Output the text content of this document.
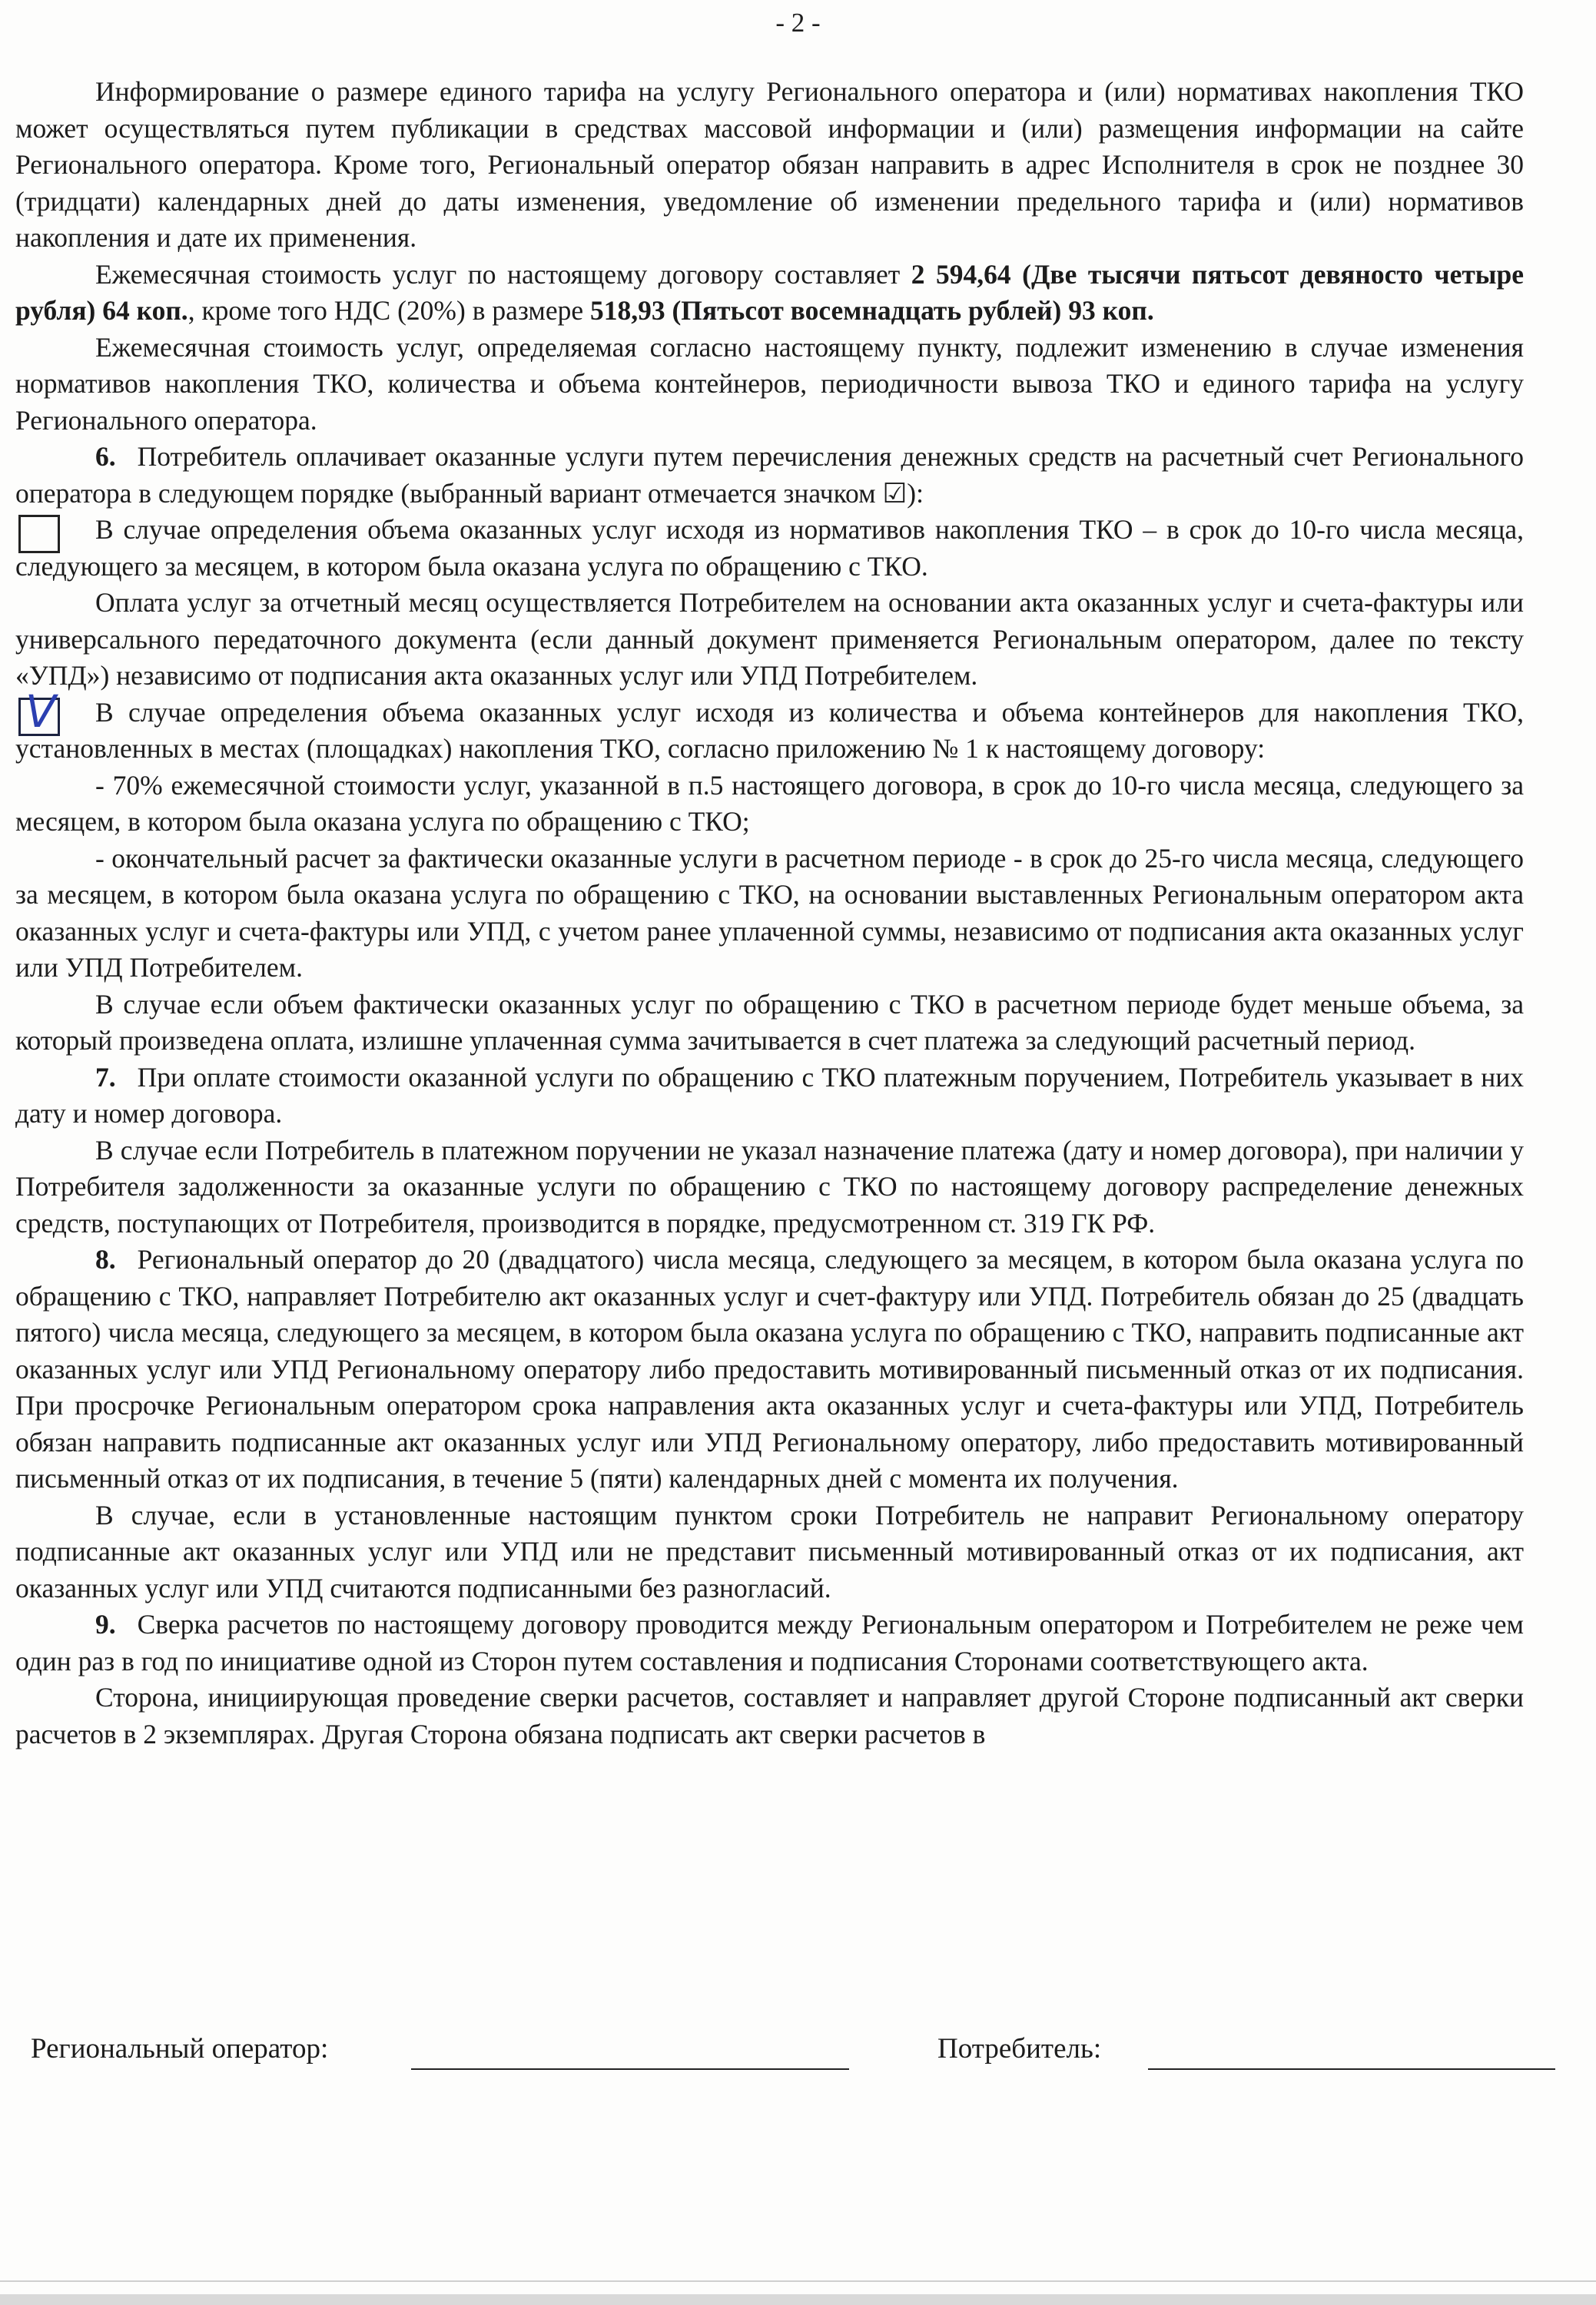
- 2 -

Информирование о размере единого тарифа на услугу Регионального оператора и (или) нормативах накопления ТКО может осуществляться путем публикации в средствах массовой информации и (или) размещения информации на сайте Регионального оператора. Кроме того, Региональный оператор обязан направить в адрес Исполнителя в срок не позднее 30 (тридцати) календарных дней до даты изменения, уведомление об изменении предельного тарифа и (или) нормативов накопления и дате их применения.

Ежемесячная стоимость услуг по настоящему договору составляет 2 594,64 (Две тысячи пятьсот девяносто четыре рубля) 64 коп., кроме того НДС (20%) в размере 518,93 (Пятьсот восемнадцать рублей) 93 коп.

Ежемесячная стоимость услуг, определяемая согласно настоящему пункту, подлежит изменению в случае изменения нормативов накопления ТКО, количества и объема контейнеров, периодичности вывоза ТКО и единого тарифа на услугу Регионального оператора.

6. Потребитель оплачивает оказанные услуги путем перечисления денежных средств на расчетный счет Регионального оператора в следующем порядке (выбранный вариант отмечается значком ☑):

В случае определения объема оказанных услуг исходя из нормативов накопления ТКО – в срок до 10-го числа месяца, следующего за месяцем, в котором была оказана услуга по обращению с ТКО.

Оплата услуг за отчетный месяц осуществляется Потребителем на основании акта оказанных услуг и счета-фактуры или универсального передаточного документа (если данный документ применяется Региональным оператором, далее по тексту «УПД») независимо от подписания акта оказанных услуг или УПД Потребителем.

V В случае определения объема оказанных услуг исходя из количества и объема контейнеров для накопления ТКО, установленных в местах (площадках) накопления ТКО, согласно приложению № 1 к настоящему договору:

- 70% ежемесячной стоимости услуг, указанной в п.5 настоящего договора, в срок до 10-го числа месяца, следующего за месяцем, в котором была оказана услуга по обращению с ТКО;

- окончательный расчет за фактически оказанные услуги в расчетном периоде - в срок до 25-го числа месяца, следующего за месяцем, в котором была оказана услуга по обращению с ТКО, на основании выставленных Региональным оператором акта оказанных услуг и счета-фактуры или УПД, с учетом ранее уплаченной суммы, независимо от подписания акта оказанных услуг или УПД Потребителем.

В случае если объем фактически оказанных услуг по обращению с ТКО в расчетном периоде будет меньше объема, за который произведена оплата, излишне уплаченная сумма зачитывается в счет платежа за следующий расчетный период.

7. При оплате стоимости оказанной услуги по обращению с ТКО платежным поручением, Потребитель указывает в них дату и номер договора.

В случае если Потребитель в платежном поручении не указал назначение платежа (дату и номер договора), при наличии у Потребителя задолженности за оказанные услуги по обращению с ТКО по настоящему договору распределение денежных средств, поступающих от Потребителя, производится в порядке, предусмотренном ст. 319 ГК РФ.

8. Региональный оператор до 20 (двадцатого) числа месяца, следующего за месяцем, в котором была оказана услуга по обращению с ТКО, направляет Потребителю акт оказанных услуг и счет-фактуру или УПД. Потребитель обязан до 25 (двадцать пятого) числа месяца, следующего за месяцем, в котором была оказана услуга по обращению с ТКО, направить подписанные акт оказанных услуг или УПД Региональному оператору либо предоставить мотивированный письменный отказ от их подписания. При просрочке Региональным оператором срока направления акта оказанных услуг и счета-фактуры или УПД, Потребитель обязан направить подписанные акт оказанных услуг или УПД Региональному оператору, либо предоставить мотивированный письменный отказ от их подписания, в течение 5 (пяти) календарных дней с момента их получения.

В случае, если в установленные настоящим пунктом сроки Потребитель не направит Региональному оператору подписанные акт оказанных услуг или УПД или не представит письменный мотивированный отказ от их подписания, акт оказанных услуг или УПД считаются подписанными без разногласий.

9. Сверка расчетов по настоящему договору проводится между Региональным оператором и Потребителем не реже чем один раз в год по инициативе одной из Сторон путем составления и подписания Сторонами соответствующего акта.

Сторона, инициирующая проведение сверки расчетов, составляет и направляет другой Стороне подписанный акт сверки расчетов в 2 экземплярах. Другая Сторона обязана подписать акт сверки расчетов в

Региональный оператор:	Потребитель:
